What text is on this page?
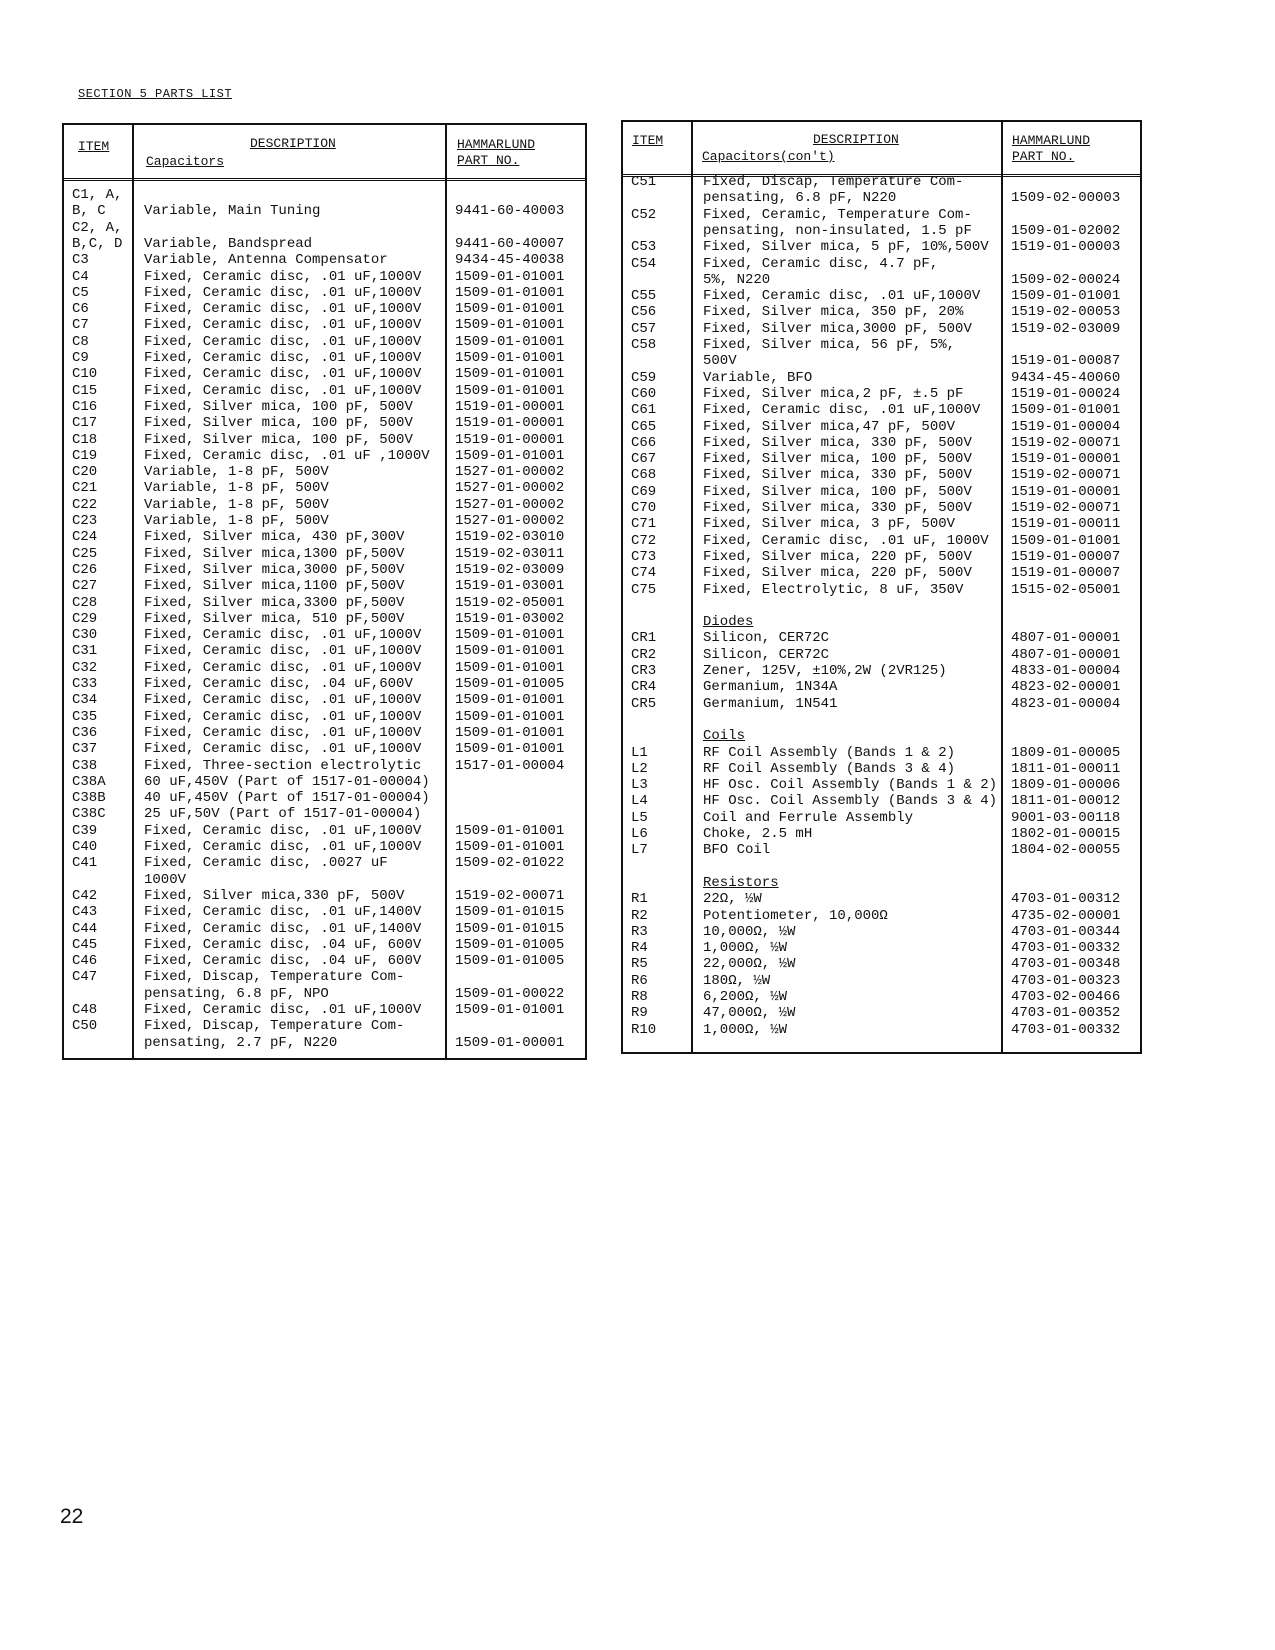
SECTION 5 PARTS LIST
ITEM	DESCRIPTION
Capacitors
HAMMARLUND
PART NO.
C1, A,
B, C	Variable, Main Tuning	9441-60-40003
C2, A,
B,C, D Variable, Bandspread	9441-60-40007
C3	Variable, Antenna Compensator	9434-45-40038
C4	Fixed, Ceramic disc, .01 uF,1000V 1509-01-01001
C5	Fixed, Ceramic disc, .01 uF,1000V 1509-01-01001
C6	Fixed, Ceramic disc, .01 uF,1000V 1509-01-01001
C7	Fixed, Ceramic disc, .01 uF,1000V 1509-01-01001
C8	Fixed, Ceramic disc, .01 uF,1000V 1509-01-01001
C9	Fixed, Ceramic disc, .01 uF,1000V 1509-01-01001
C10	Fixed, Ceramic disc, .01 uF,1000V 1509-01-01001
C15	Fixed, Ceramic disc, .01 uF,1000V 1509-01-01001
C16	Fixed, Silver mica, 100 pF, 500V	1519-01-00001
C17	Fixed, Silver mica, 100 pF, 500V	1519-01-00001
C18	Fixed, Silver mica, 100 pF, 500V	1519-01-00001
C19	Fixed, Ceramic disc, .01 uF ,1000V 1509-01-01001
C20	Variable, 1-8 pF, 500V	1527-01-00002
C21	Variable, 1-8 pF, 500V	1527-01-00002
C22	Variable, 1-8 pF, 500V	1527-01-00002
C23	Variable, 1-8 pF, 500V	1527-01-00002
C24	Fixed, Silver mica, 430 pF,300V	1519-02-03010
C25	Fixed, Silver mica,1300 pF,500V	1519-02-03011
C26	Fixed, Silver mica,3000 pF,500V	1519-02-03009
C27	Fixed, Silver mica,1100 pF,500V	1519-01-03001
C28	Fixed, Silver mica,3300 pF,500V	1519-02-05001
C29	Fixed, Silver mica, 510 pF,500V	1519-01-03002
C30	Fixed, Ceramic disc, .01 uF,1000V 1509-01-01001
C31	Fixed, Ceramic disc, .01 uF,1000V 1509-01-01001
C32	Fixed, Ceramic disc, .01 uF,1000V 1509-01-01001
C33	Fixed, Ceramic disc, .04 uF,600V	1509-01-01005
C34	Fixed, Ceramic disc, .01 uF,1000V 1509-01-01001
C35	Fixed, Ceramic disc, .01 uF,1000V 1509-01-01001
C36	Fixed, Ceramic disc, .01 uF,1000V 1509-01-01001
C37	Fixed, Ceramic disc, .01 uF,1000V 1509-01-01001
C38	Fixed, Three-section electrolytic 1517-01-00004
C38A	60 uF,450V (Part of 1517-01-00004)
C38B	40 uF,450V (Part of 1517-01-00004)
C38C	25 uF,50V (Part of 1517-01-00004)
C39	Fixed, Ceramic disc, .01 uF,1000V 1509-01-01001
C40	Fixed, Ceramic disc, .01 uF,1000V 1509-01-01001
C41	Fixed, Ceramic disc, .0027 uF	1509-02-01022
1000V
C42	Fixed, Silver mica,330 pF, 500V	1519-02-00071
C43	Fixed, Ceramic disc, .01 uF,1400V 1509-01-01015
C44	Fixed, Ceramic disc, .01 uF,1400V 1509-01-01015
C45	Fixed, Ceramic disc, .04 uF, 600V 1509-01-01005
C46	Fixed, Ceramic disc, .04 uF, 600V 1509-01-01005
C47	Fixed, Discap, Temperature Com-
pensating, 6.8 pF, NPO	1509-01-00022
C48	Fixed, Ceramic disc, .01 uF,1000V 1509-01-01001
C50	Fixed, Discap, Temperature Com-
pensating, 2.7 pF, N220	1509-01-00001
ITEM	DESCRIPTION
Capacitors(con't)
HAMMARLUND
PART NO.
C51	Fixed, Discap, Temperature Com-
pensating, 6.8 pF, N220	1509-02-00003
C52	Fixed, Ceramic, Temperature Com-
pensating, non-insulated, 1.5 pF	1509-01-02002
C53	Fixed, Silver mica, 5 pF, 10%,500V 1519-01-00003
C54	Fixed, Ceramic disc, 4.7 pF,
5%, N220	1509-02-00024
C55	Fixed, Ceramic disc, .01 uF,1000V 1509-01-01001
C56	Fixed, Silver mica, 350 pF, 20%	1519-02-00053
C57	Fixed, Silver mica,3000 pF, 500V	1519-02-03009
C58	Fixed, Silver mica, 56 pF, 5%,
500V	1519-01-00087
C59	Variable, BFO	9434-45-40060
C60	Fixed, Silver mica,2 pF, ±.5 pF	1519-01-00024
C61	Fixed, Ceramic disc, .01 uF,1000V 1509-01-01001
C65	Fixed, Silver mica,47 pF, 500V	1519-01-00004
C66	Fixed, Silver mica, 330 pF, 500V	1519-02-00071
C67	Fixed, Silver mica, 100 pF, 500V	1519-01-00001
C68	Fixed, Silver mica, 330 pF, 500V	1519-02-00071
C69	Fixed, Silver mica, 100 pF, 500V	1519-01-00001
C70	Fixed, Silver mica, 330 pF, 500V	1519-02-00071
C71	Fixed, Silver mica, 3 pF, 500V	1519-01-00011
C72	Fixed, Ceramic disc, .01 uF, 1000V 1509-01-01001
C73	Fixed, Silver mica, 220 pF, 500V	1519-01-00007
C74	Fixed, Silver mica, 220 pF, 500V	1519-01-00007
C75	Fixed, Electrolytic, 8 uF, 350V	1515-02-05001
Diodes
CR1	Silicon, CER72C	4807-01-00001
CR2	Silicon, CER72C	4807-01-00001
CR3	Zener, 125V, ±10%,2W (2VR125)	4833-01-00004
CR4	Germanium, 1N34A	4823-02-00001
CR5	Germanium, 1N541	4823-01-00004
Coils
L1	RF Coil Assembly (Bands 1 & 2)	1809-01-00005
L2	RF Coil Assembly (Bands 3 & 4)	1811-01-00011
L3	HF Osc. Coil Assembly (Bands 1 & 2) 1809-01-00006
L4	HF Osc. Coil Assembly (Bands 3 & 4) 1811-01-00012
L5	Coil and Ferrule Assembly	9001-03-00118
L6	Choke, 2.5 mH	1802-01-00015
L7	BFO Coil	1804-02-00055
Resistors
R1	22Ω, ½W	4703-01-00312
R2	Potentiometer, 10,000Ω	4735-02-00001
R3	10,000Ω, ½W	4703-01-00344
R4	1,000Ω, ½W	4703-01-00332
R5	22,000Ω, ½W	4703-01-00348
R6	180Ω, ½W	4703-01-00323
R8	6,200Ω, ½W	4703-02-00466
R9	47,000Ω, ½W	4703-01-00352
R10	1,000Ω, ½W	4703-01-00332
22
